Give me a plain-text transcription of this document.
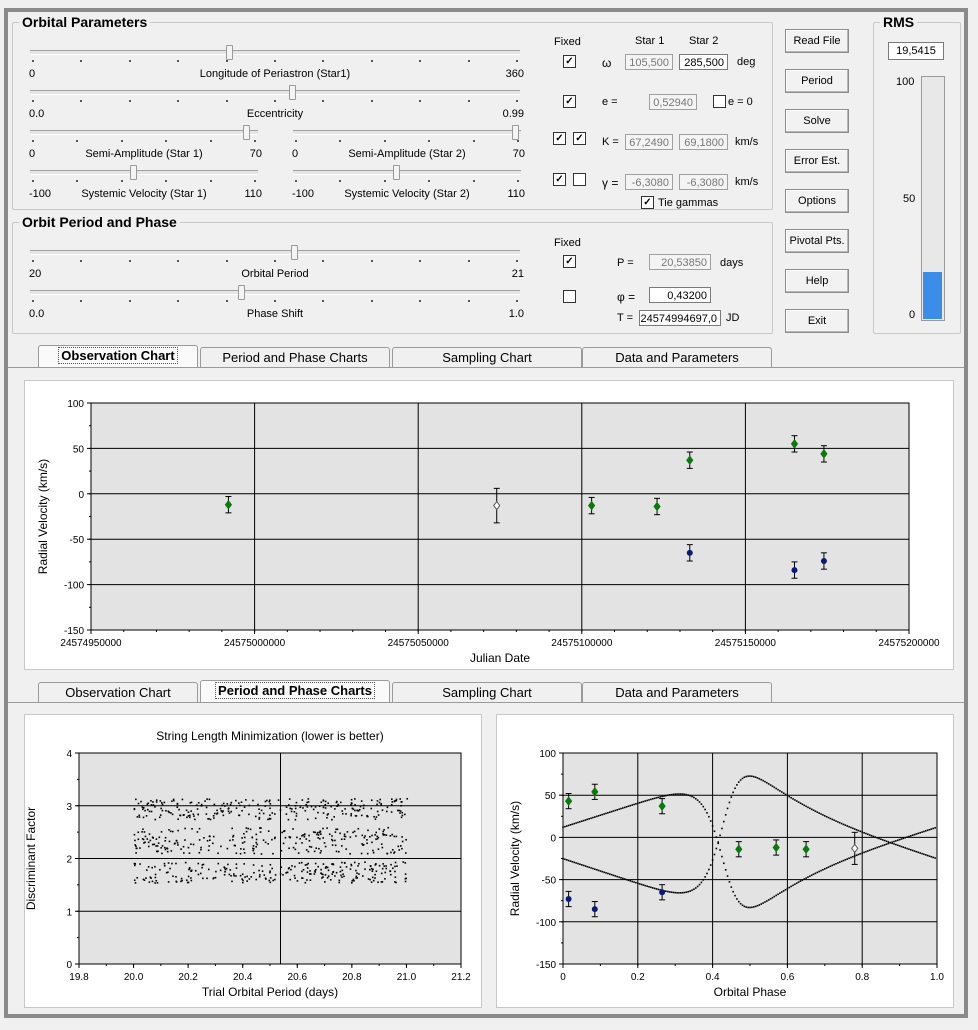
Orbital Parameters
Fixed	Star 1 Star 2
✓ ω	105,500	285,500	deg
✓	e =	0,52940	e = 0
✓ ✓ K = 67,2490	69,1800	km/s
✓	γ =	-6,3080	-6,3080	km/s
✓ Tie gammas
Orbit Period and Phase
Fixed
✓	P =	20,53850	days
φ =	0,43200
T = 24574994697,0 JD
RMS
19,5415
100
50
0
100
50
0
-50
-100
-150
24574950000	24575000000	24575050000	24575100000	24575150000	24575200000
Julian Date
Radial Velocity (km/s)
4
3
2
1
0
19.8	20.0	20.2	20.4	20.6	20.8	21.0	21.2
Trial Orbital Period (days)
Discriminant Factor
String Length Minimization (lower is better)
100
50
0
-50
-100
-150
0	0.2	0.4	0.6	0.8	1.0
Orbital Phase
Radial Velocity (km/s)
0	360
Longitude of Periastron (Star1)
0.0	0.99
Eccentricity
0	70
Semi-Amplitude (Star 1)	0	70
Semi-Amplitude (Star 2)
-100	110
Systemic Velocity (Star 1)	-100	110
Systemic Velocity (Star 2)
20	21
Orbital Period
0.0	1.0
Phase Shift
Read File
Period
Solve
Error Est.
Options
Pivotal Pts.
Help
Exit
Observation Chart	Period and Phase Charts	Sampling Chart	Data and Parameters
Observation Chart	Period and Phase Charts	Sampling Chart	Data and Parameters
